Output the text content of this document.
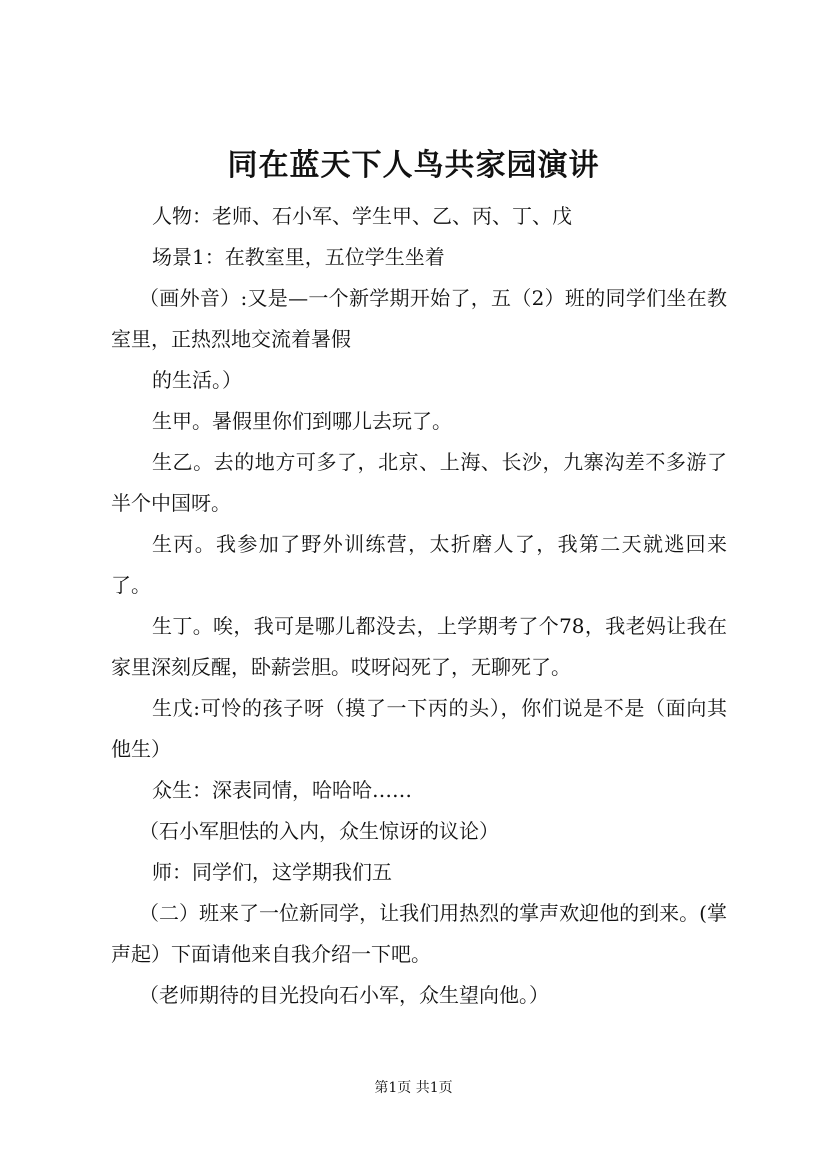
同在蓝天下人鸟共家园演讲

人物：老师、石小军、学生甲、乙、丙、丁、戊

场景1：在教室里，五位学生坐着

（画外音）:又是—一个新学期开始了，五（2）班的同学们坐在教室里，正热烈地交流着暑假

的生活。）

生甲。暑假里你们到哪儿去玩了。

生乙。去的地方可多了，北京、上海、长沙，九寨沟差不多游了半个中国呀。

生丙。我参加了野外训练营，太折磨人了，我第二天就逃回来了。

生丁。唉，我可是哪儿都没去，上学期考了个78，我老妈让我在家里深刻反醒，卧薪尝胆。哎呀闷死了，无聊死了。

生戊:可怜的孩子呀（摸了一下丙的头），你们说是不是（面向其他生）

众生：深表同情，哈哈哈……

（石小军胆怯的入内，众生惊讶的议论）

师：同学们，这学期我们五

（二）班来了一位新同学，让我们用热烈的掌声欢迎他的到来。(掌声起）下面请他来自我介绍一下吧。

（老师期待的目光投向石小军，众生望向他。）

第1页 共1页
